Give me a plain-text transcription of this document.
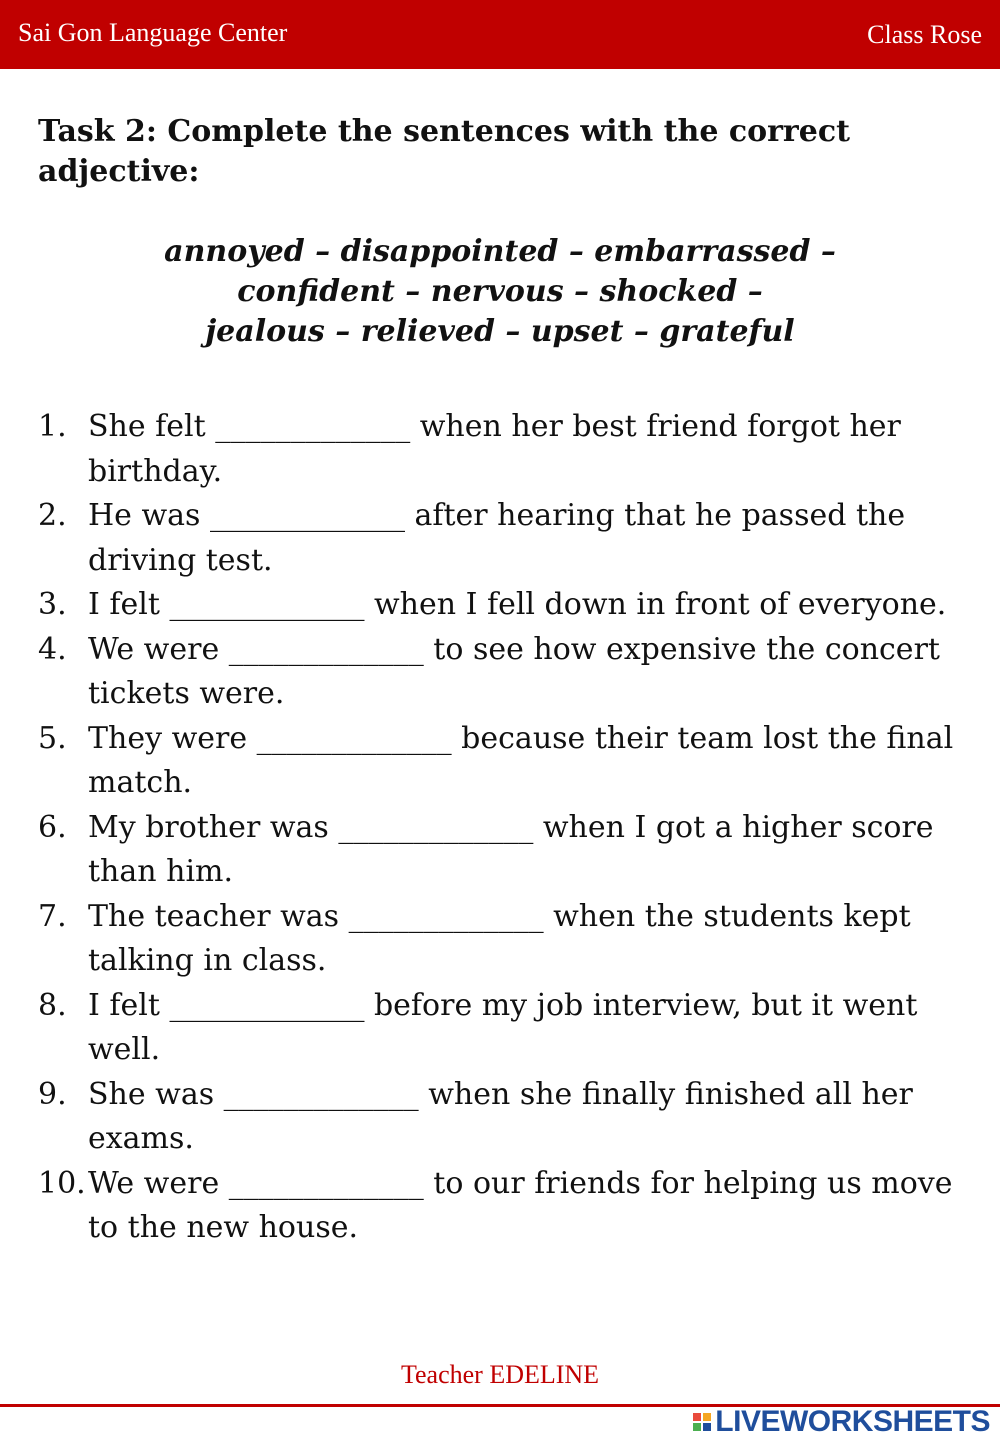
Sai Gon Language Center	Class Rose
Task 2: Complete the sentences with the correct adjective:
annoyed – disappointed – embarrassed –
confident – nervous – shocked –
jealous – relieved – upset – grateful
1. She felt _____________ when her best friend forgot her birthday.
2. He was _____________ after hearing that he passed the driving test.
3. I felt _____________ when I fell down in front of everyone.
4. We were _____________ to see how expensive the concert tickets were.
5. They were _____________ because their team lost the final match.
6. My brother was _____________ when I got a higher score than him.
7. The teacher was _____________ when the students kept talking in class.
8. I felt _____________ before my job interview, but it went well.
9. She was _____________ when she finally finished all her exams.
10. We were _____________ to our friends for helping us move to the new house.
Teacher EDELINE
LIVEWORKSHEETS
